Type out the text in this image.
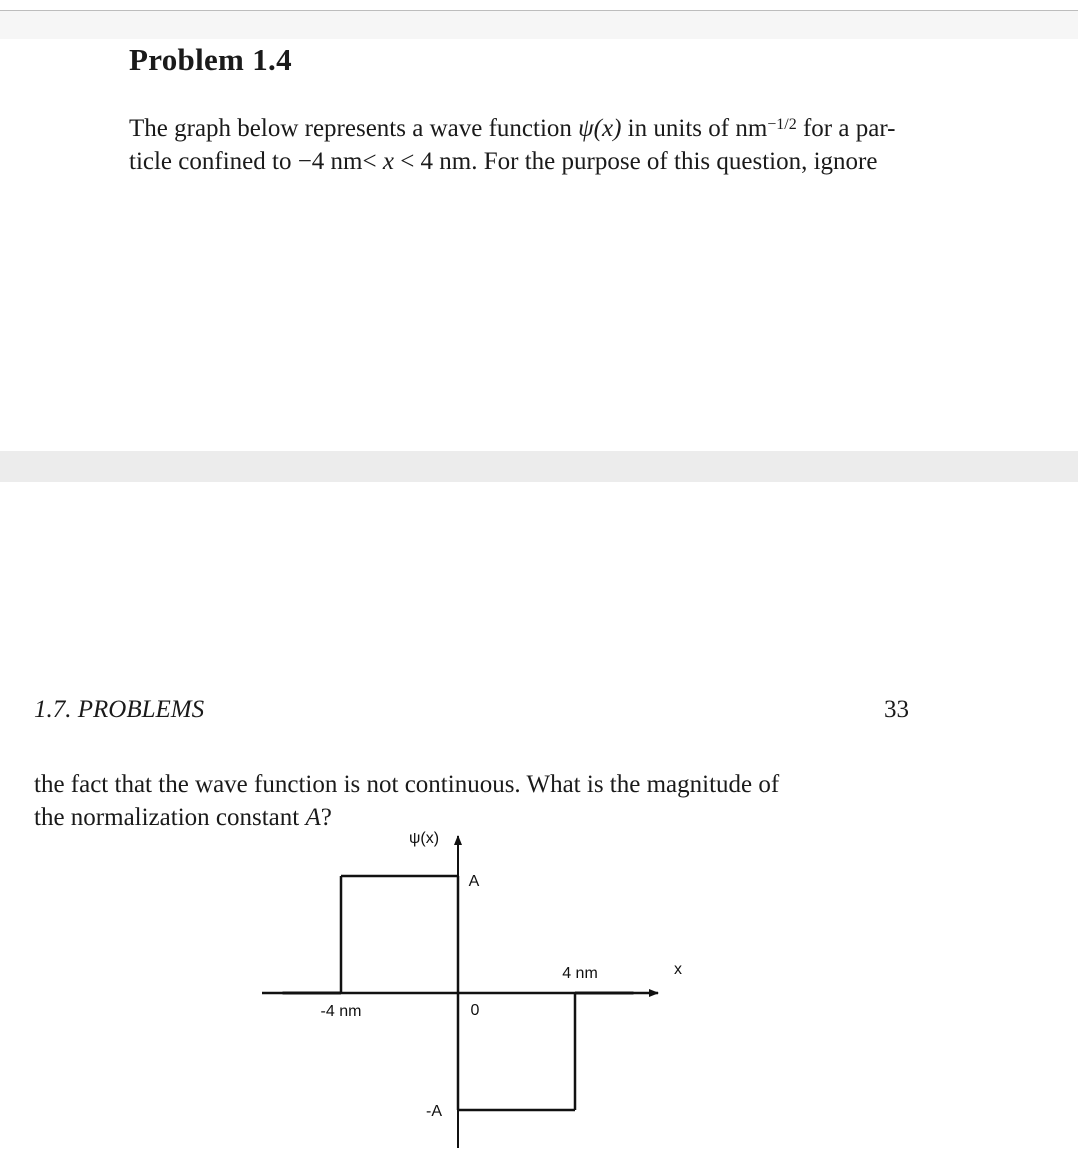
Problem 1.4
The graph below represents a wave function ψ(x) in units of $nm^{-1/2}$ for a par-
ticle confined to −4 nm< x < 4 nm. For the purpose of this question, ignore

1.7. PROBLEMS	33

the fact that the wave function is not continuous. What is the magnitude of
the normalization constant A?
ψ(x)
x
A
-A
-4 nm	0
4 nm
